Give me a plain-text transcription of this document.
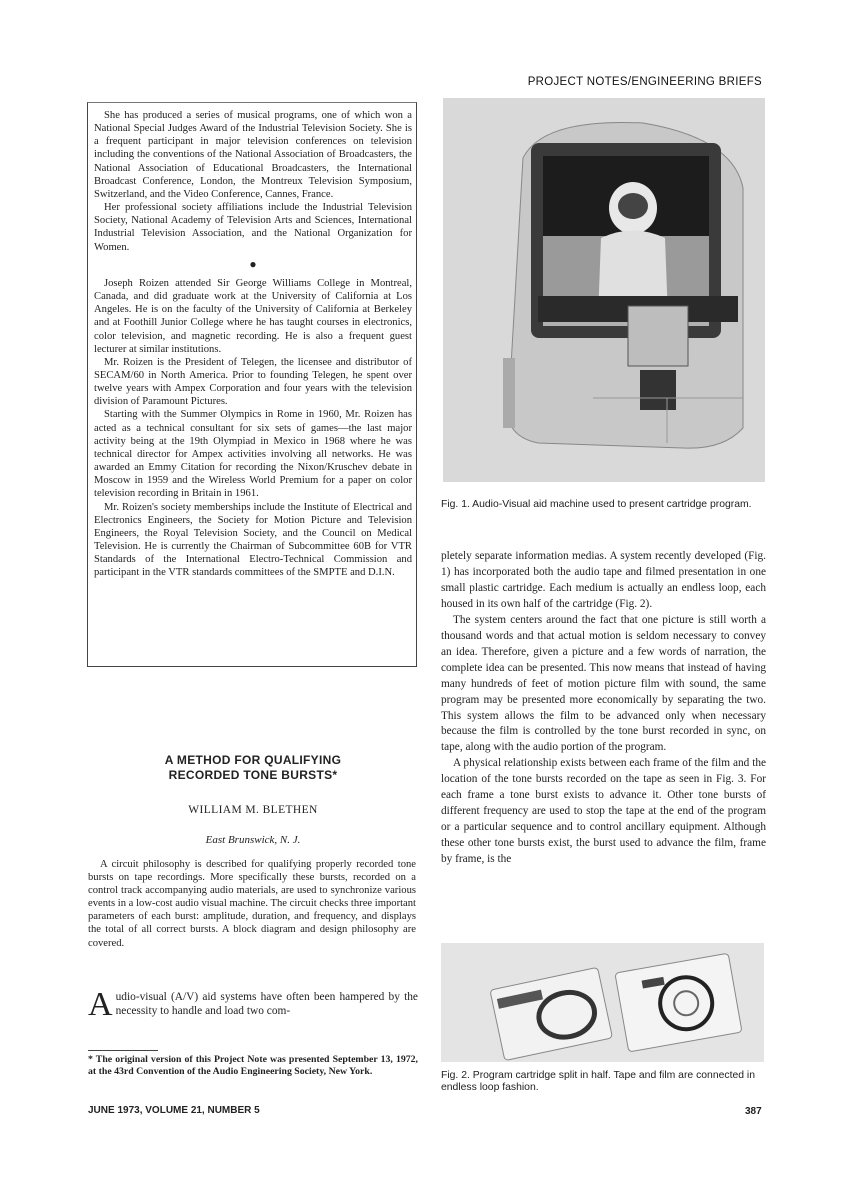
PROJECT NOTES/ENGINEERING BRIEFS

She has produced a series of musical programs, one of which won a National Special Judges Award of the Industrial Television Society. She is a frequent participant in major television conferences on television including the conventions of the National Association of Broadcasters, the National Association of Educational Broadcasters, the International Broadcast Conference, London, the Montreux Television Symposium, Switzerland, and the Video Conference, Cannes, France.

Her professional society affiliations include the Industrial Television Society, National Academy of Television Arts and Sciences, International Industrial Television Association, and the National Organization for Women.

●

Joseph Roizen attended Sir George Williams College in Montreal, Canada, and did graduate work at the University of California at Los Angeles. He is on the faculty of the University of California at Berkeley and at Foothill Junior College where he has taught courses in electronics, color television, and magnetic recording. He is also a frequent guest lecturer at similar institutions.

Mr. Roizen is the President of Telegen, the licensee and distributor of SECAM/60 in North America. Prior to founding Telegen, he spent over twelve years with Ampex Corporation and four years with the television division of Paramount Pictures.

Starting with the Summer Olympics in Rome in 1960, Mr. Roizen has acted as a technical consultant for six sets of games—the last major activity being at the 19th Olympiad in Mexico in 1968 where he was technical director for Ampex activities involving all networks. He was awarded an Emmy Citation for recording the Nixon/Kruschev debate in Moscow in 1959 and the Wireless World Premium for a paper on color television recording in Britain in 1961.

Mr. Roizen's society memberships include the Institute of Electrical and Electronics Engineers, the Society for Motion Picture and Television Engineers, the Royal Television Society, and the Council on Medical Television. He is currently the Chairman of Subcommittee 60B for VTR Standards of the International Electro-Technical Commission and participant in the VTR standards committees of the SMPTE and D.I.N.

A METHOD FOR QUALIFYING
RECORDED TONE BURSTS*
WILLIAM M. BLETHEN
East Brunswick, N. J.

A circuit philosophy is described for qualifying properly recorded tone bursts on tape recordings. More specifically these bursts, recorded on a control track accompanying audio materials, are used to synchronize various events in a low-cost audio visual machine. The circuit checks three important parameters of each burst: amplitude, duration, and frequency, and displays the total of all correct bursts. A block diagram and design philosophy are covered.

A udio-visual (A/V) aid systems have often been hampered by the necessity to handle and load two com-
* The original version of this Project Note was presented September 13, 1972, at the 43rd Convention of the Audio Engineering Society, New York.
JUNE 1973, VOLUME 21, NUMBER 5	387
Fig. 1. Audio-Visual aid machine used to present cartridge program.

pletely separate information medias. A system recently developed (Fig. 1) has incorporated both the audio tape and filmed presentation in one small plastic cartridge. Each medium is actually an endless loop, each housed in its own half of the cartridge (Fig. 2).

The system centers around the fact that one picture is still worth a thousand words and that actual motion is seldom necessary to convey an idea. Therefore, given a picture and a few words of narration, the complete idea can be presented. This now means that instead of having many hundreds of feet of motion picture film with sound, the same program may be presented more economically by separating the two. This system allows the film to be advanced only when necessary because the film is controlled by the tone burst recorded in sync, on tape, along with the audio portion of the program.

A physical relationship exists between each frame of the film and the location of the tone bursts recorded on the tape as seen in Fig. 3. For each frame a tone burst exists to advance it. Other tone bursts of different frequency are used to stop the tape at the end of the program or a particular sequence and to control ancillary equipment. Although these other tone bursts exist, the burst used to advance the film, frame by frame, is the

Fig. 2. Program cartridge split in half. Tape and film are connected in endless loop fashion.
